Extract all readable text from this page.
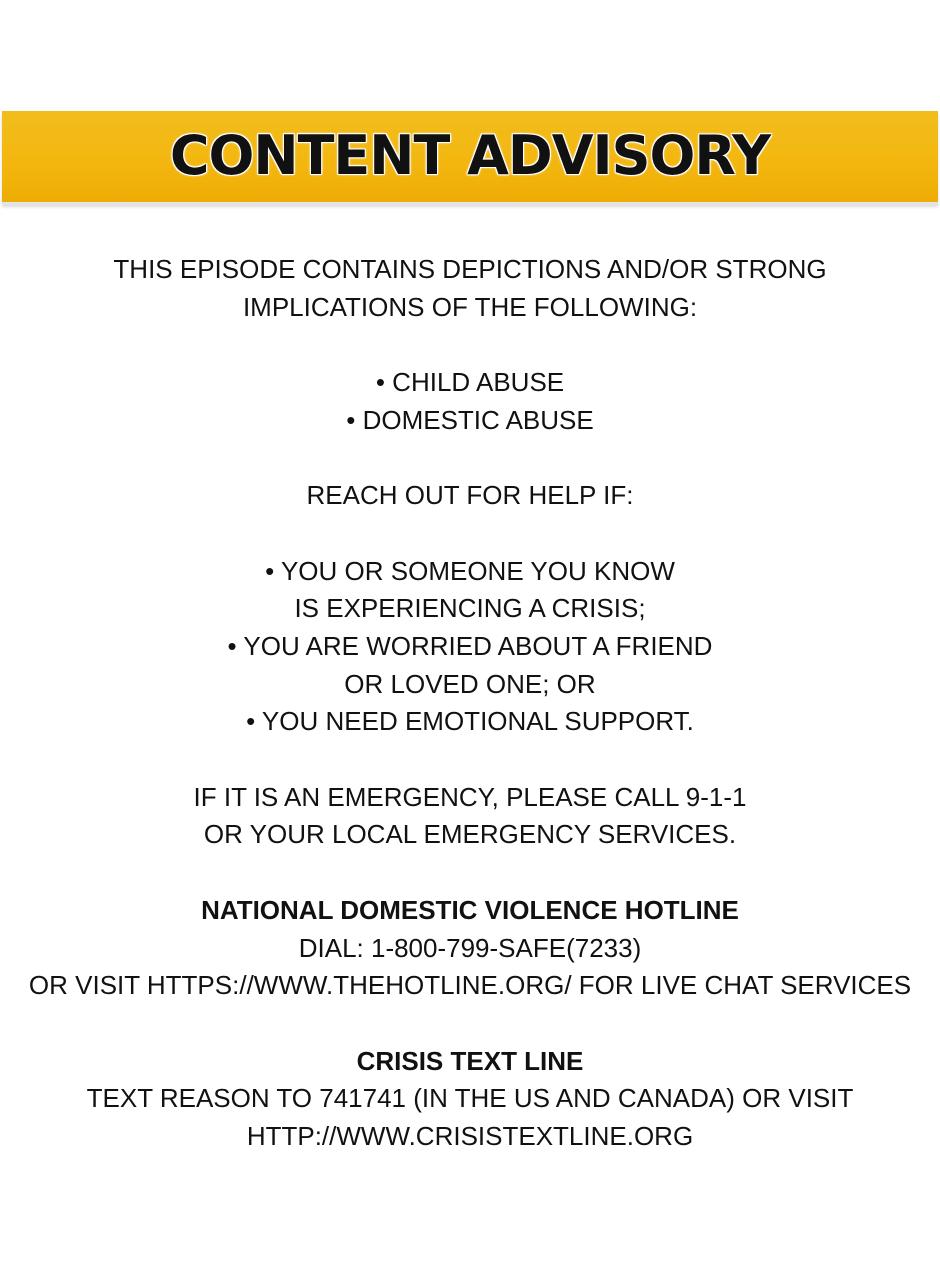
CONTENT ADVISORY
THIS EPISODE CONTAINS DEPICTIONS AND/OR STRONG
IMPLICATIONS OF THE FOLLOWING:
• CHILD ABUSE
• DOMESTIC ABUSE
REACH OUT FOR HELP IF:
• YOU OR SOMEONE YOU KNOW
IS EXPERIENCING A CRISIS;
• YOU ARE WORRIED ABOUT A FRIEND
OR LOVED ONE; OR
• YOU NEED EMOTIONAL SUPPORT.
IF IT IS AN EMERGENCY, PLEASE CALL 9-1-1
OR YOUR LOCAL EMERGENCY SERVICES.
NATIONAL DOMESTIC VIOLENCE HOTLINE
DIAL: 1-800-799-SAFE(7233)
OR VISIT HTTPS://WWW.THEHOTLINE.ORG/ FOR LIVE CHAT SERVICES
CRISIS TEXT LINE
TEXT REASON TO 741741 (IN THE US AND CANADA) OR VISIT
HTTP://WWW.CRISISTEXTLINE.ORG
